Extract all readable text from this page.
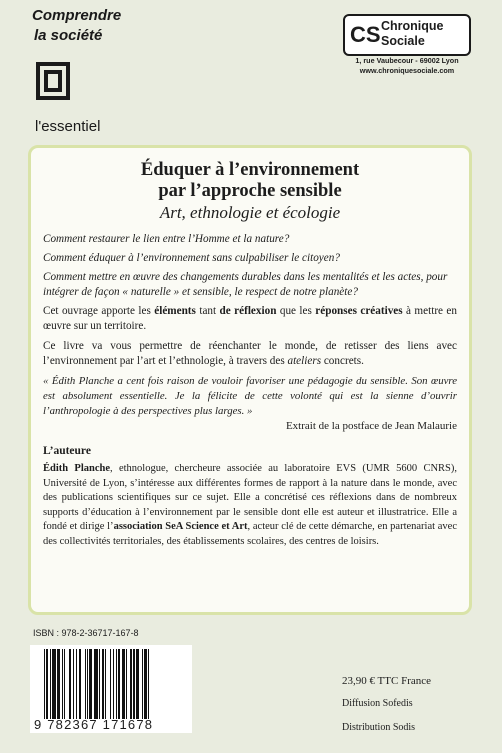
Comprendre
la société
l'essentiel
CS Chronique
Sociale
1, rue Vaubecour - 69002 Lyon
www.chroniquesociale.com

Éduquer à l’environnement

par l’approche sensible

Art, ethnologie et écologie

Comment restaurer le lien entre l’Homme et la nature?

Comment éduquer à l’environnement sans culpabiliser le citoyen?

Comment mettre en œuvre des changements durables dans les mentalités et les actes, pour intégrer de façon « naturelle » et sensible, le respect de notre planète?

Cet ouvrage apporte les éléments tant de réflexion que les réponses créatives à mettre en œuvre sur un territoire.

Ce livre va vous permettre de réenchanter le monde, de retisser des liens avec l’environnement par l’art et l’ethnologie, à travers des ateliers concrets.

« Édith Planche a cent fois raison de vouloir favoriser une pédagogie du sensible. Son œuvre est absolument essentielle. Je la félicite de cette volonté qui est la sienne d’ouvrir l’anthropologie à des perspectives plus larges. »

Extrait de la postface de Jean Malaurie

L’auteure

Édith Planche, ethnologue, chercheure associée au laboratoire EVS (UMR 5600 CNRS), Université de Lyon, s’intéresse aux différentes formes de rapport à la nature dans le monde, avec des publications scientifiques sur ce sujet. Elle a concrétisé ces réflexions dans de nombreux supports d’éducation à l’environnement par le sensible dont elle est auteur et illustratrice. Elle a fondé et dirige l’association SeA Science et Art, acteur clé de cette démarche, en partenariat avec des collectivités territoriales, des établissements scolaires, des centres de loisirs.

ISBN : 978-2-36717-167-8
9 782367 171678
23,90 € TTC France
Diffusion Sofedis
Distribution Sodis
